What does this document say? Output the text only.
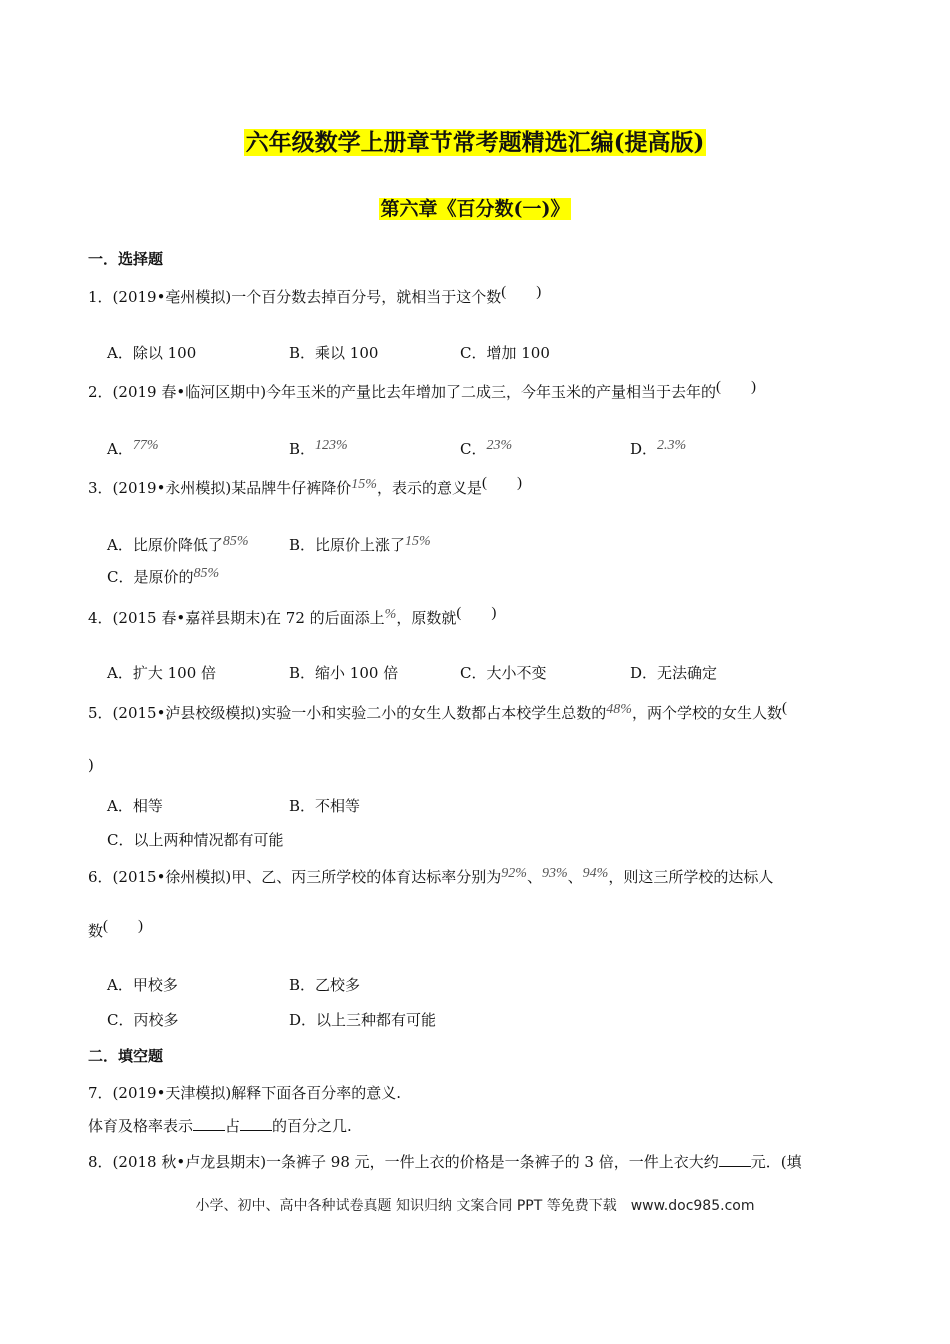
六年级数学上册章节常考题精选汇编(提高版)
第六章《百分数(一)》
一．选择题
1．(2019•亳州模拟)一个百分数去掉百分号，就相当于这个数(　　)
A．除以 100	B．乘以 100	C．增加 100
2．(2019 春•临河区期中)今年玉米的产量比去年增加了二成三，今年玉米的产量相当于去年的(　　)
A．77%	B．123%	C．23%	D．2.3%
3．(2019•永州模拟)某品牌牛仔裤降价15%，表示的意义是(　　)
A．比原价降低了85%	B．比原价上涨了15%
C．是原价的85%
4．(2015 春•嘉祥县期末)在 72 的后面添上%，原数就(　　)
A．扩大 100 倍	B．缩小 100 倍	C．大小不变	D．无法确定
5．(2015•泸县校级模拟)实验一小和实验二小的女生人数都占本校学生总数的48%，两个学校的女生人数(
)
A．相等	B．不相等
C．以上两种情况都有可能
6．(2015•徐州模拟)甲、乙、丙三所学校的体育达标率分别为92%、93%、94%，则这三所学校的达标人
数(　　)
A．甲校多	B．乙校多
C．丙校多	D．以上三种都有可能
二．填空题
7．(2019•天津模拟)解释下面各百分率的意义.
体育及格率表示 占 的百分之几.
8．(2018 秋•卢龙县期末)一条裤子 98 元，一件上衣的价格是一条裤子的 3 倍，一件上衣大约 元．(填
小学、初中、高中各种试卷真题 知识归纳 文案合同 PPT 等免费下载　www.doc985.com
